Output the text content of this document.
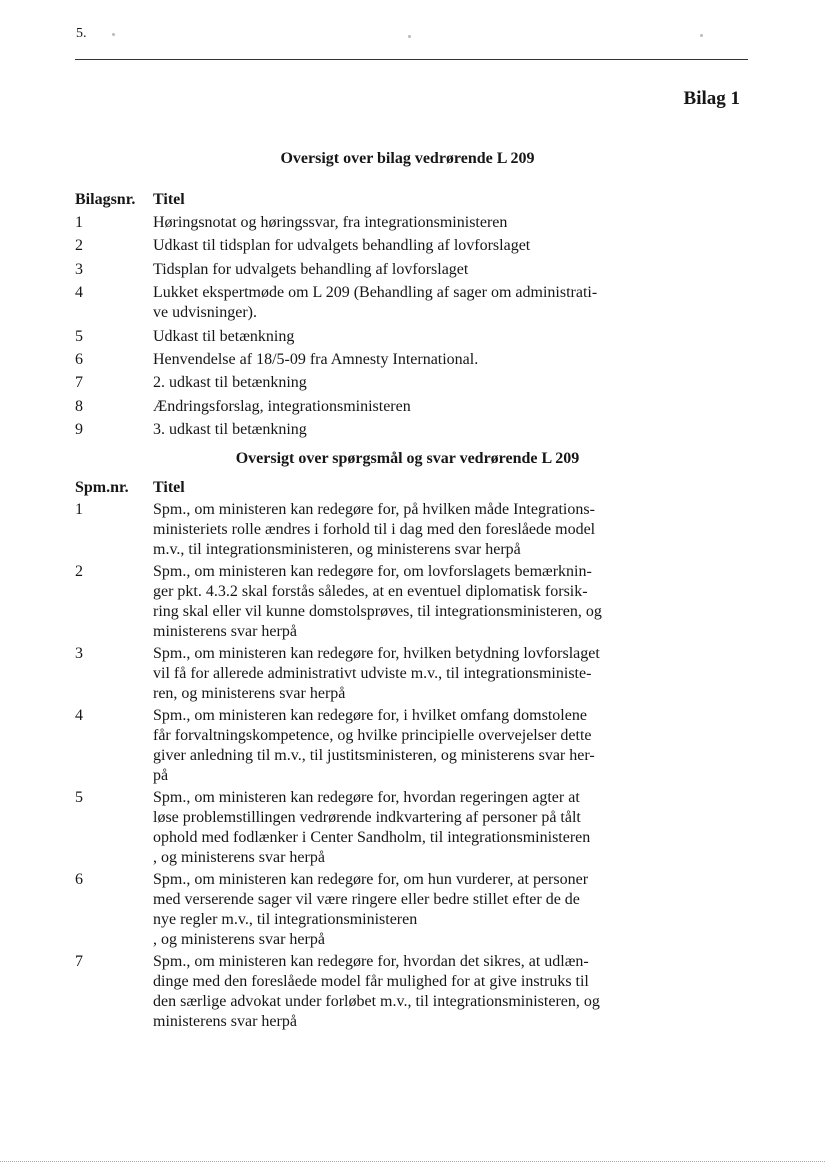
5.
Bilag 1
Oversigt over bilag vedrørende L 209
Bilagsnr.	Titel
1	Høringsnotat og høringssvar, fra integrationsministeren
2	Udkast til tidsplan for udvalgets behandling af lovforslaget
3	Tidsplan for udvalgets behandling af lovforslaget
4	Lukket ekspertmøde om L 209 (Behandling af sager om administrati-
ve udvisninger).
5	Udkast til betænkning
6	Henvendelse af 18/5-09 fra Amnesty International.
7	2. udkast til betænkning
8	Ændringsforslag, integrationsministeren
9	3. udkast til betænkning
Oversigt over spørgsmål og svar vedrørende L 209
Spm.nr.	Titel
1	Spm., om ministeren kan redegøre for, på hvilken måde Integrations-
ministeriets rolle ændres i forhold til i dag med den foreslåede model
m.v., til integrationsministeren, og ministerens svar herpå
2	Spm., om ministeren kan redegøre for, om lovforslagets bemærknin-
ger pkt. 4.3.2 skal forstås således, at en eventuel diplomatisk forsik-
ring skal eller vil kunne domstolsprøves, til integrationsministeren, og
ministerens svar herpå
3	Spm., om ministeren kan redegøre for, hvilken betydning lovforslaget
vil få for allerede administrativt udviste m.v., til integrationsministe-
ren, og ministerens svar herpå
4	Spm., om ministeren kan redegøre for, i hvilket omfang domstolene
får forvaltningskompetence, og hvilke principielle overvejelser dette
giver anledning til m.v., til justitsministeren, og ministerens svar her-
på
5	Spm., om ministeren kan redegøre for, hvordan regeringen agter at
løse problemstillingen vedrørende indkvartering af personer på tålt
ophold med fodlænker i Center Sandholm, til integrationsministeren
, og ministerens svar herpå
6	Spm., om ministeren kan redegøre for, om hun vurderer, at personer
med verserende sager vil være ringere eller bedre stillet efter de de
nye regler m.v., til integrationsministeren
, og ministerens svar herpå
7	Spm., om ministeren kan redegøre for, hvordan det sikres, at udlæn-
dinge med den foreslåede model får mulighed for at give instruks til
den særlige advokat under forløbet m.v., til integrationsministeren, og
ministerens svar herpå
